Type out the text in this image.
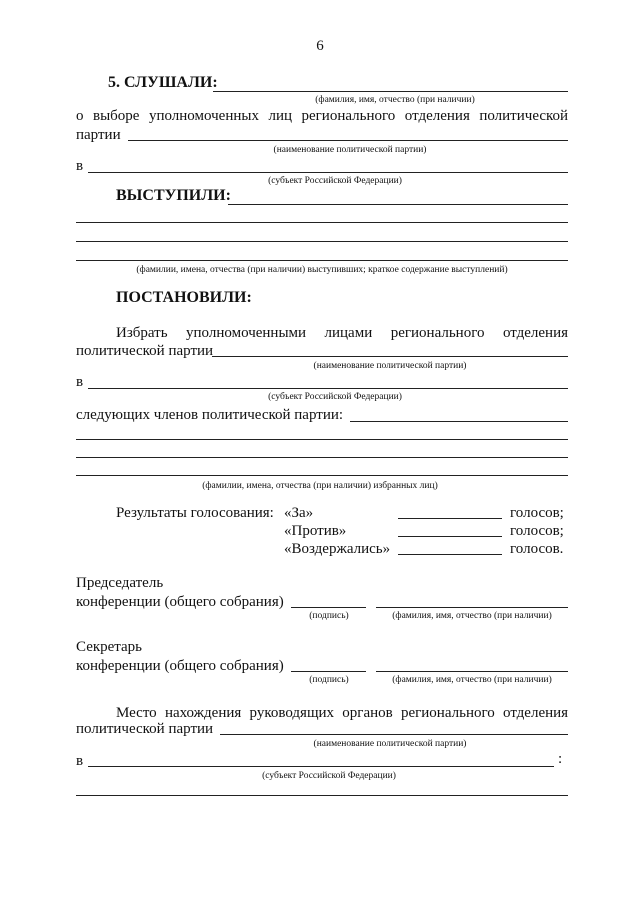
6
5. СЛУШАЛИ:
(фамилия, имя, отчество (при наличии)
о выборе уполномоченных лиц регионального отделения политической
партии
(наименование политической партии)
в
(субъект Российской Федерации)
ВЫСТУПИЛИ:
(фамилии, имена, отчества (при наличии) выступивших; краткое содержание выступлений)
ПОСТАНОВИЛИ:
Избрать уполномоченными лицами регионального отделения
политической партии
(наименование политической партии)
в
(субъект Российской Федерации)
следующих членов политической партии:
(фамилии, имена, отчества (при наличии) избранных лиц)
Результаты голосования: «За»	голосов;
«Против»	голосов;
«Воздержались»	голосов.
Председатель
конференции (общего собрания)
(подпись)	(фамилия, имя, отчество (при наличии)
Секретарь
конференции (общего собрания)
(подпись)	(фамилия, имя, отчество (при наличии)
Место нахождения руководящих органов регионального отделения
политической партии
(наименование политической партии)
в	:
(субъект Российской Федерации)
